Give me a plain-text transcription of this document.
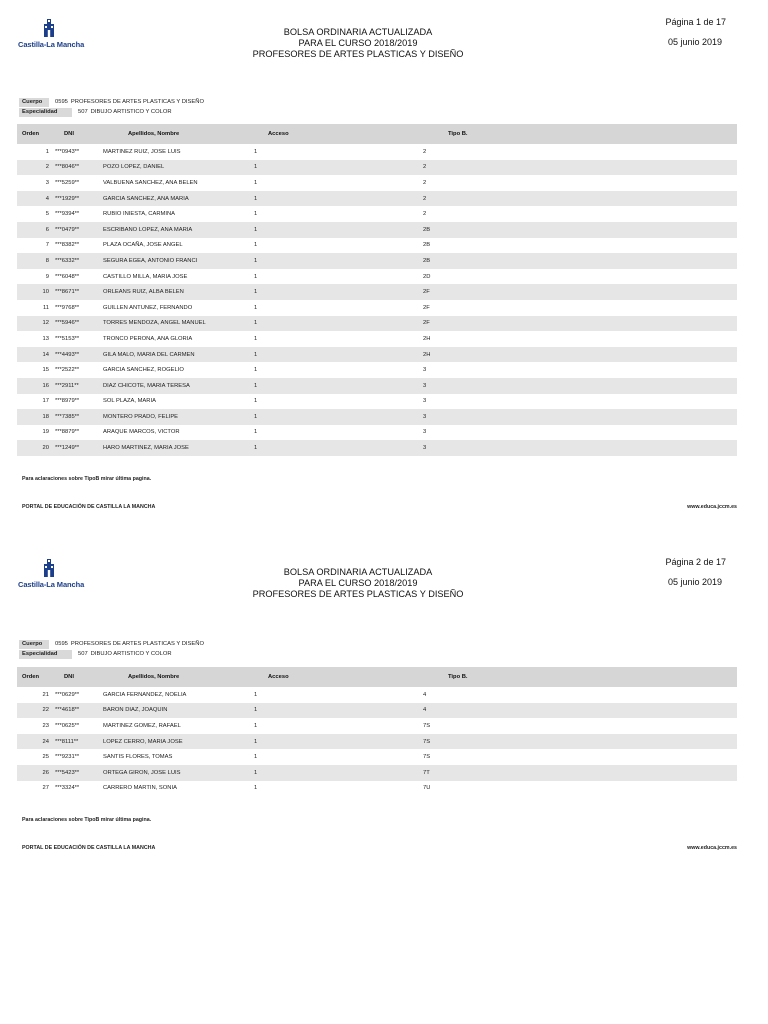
Castilla-La Mancha
BOLSA ORDINARIA ACTUALIZADA
PARA EL CURSO 2018/2019
PROFESORES DE ARTES PLASTICAS Y DISEÑO
Página 1 de 17
05 junio 2019
Cuerpo	0595 PROFESORES DE ARTES PLASTICAS Y DISEÑO
Especialidad	507 DIBUJO ARTISTICO Y COLOR
Orden	DNI	Apellidos, Nombre	Acceso	Tipo B.
1	***0943**	MARTINEZ RUIZ, JOSE LUIS	1	2
2	***8046**	POZO LOPEZ, DANIEL	1	2
3	***5259**	VALBUENA SANCHEZ, ANA BELEN	1	2
4	***1929**	GARCIA SANCHEZ, ANA MARIA	1	2
5	***9394**	RUBIO INIESTA, CARMINA	1	2
6	***0479**	ESCRIBANO LOPEZ, ANA MARIA	1	2B
7	***8382**	PLAZA OCAÑA, JOSE ANGEL	1	2B
8	***6332**	SEGURA EGEA, ANTONIO FRANCI	1	2B
9	***6048**	CASTILLO MILLA, MARIA JOSE	1	2D
10	***8671**	ORLEANS RUIZ, ALBA BELEN	1	2F
11	***9768**	GUILLEN ANTUNEZ, FERNANDO	1	2F
12	***5946**	TORRES MENDOZA, ANGEL MANUEL	1	2F
13	***5153**	TRONCO PERONA, ANA GLORIA	1	2H
14	***4493**	GILA MALO, MARIA DEL CARMEN	1	2H
15	***2522**	GARCIA SANCHEZ, ROGELIO	1	3
16	***2911**	DIAZ CHICOTE, MARIA TERESA	1	3
17	***8979**	SOL PLAZA, MARIA	1	3
18	***7385**	MONTERO PRADO, FELIPE	1	3
19	***8879**	ARAQUE MARCOS, VICTOR	1	3
20	***1249**	HARO MARTINEZ, MARIA JOSE	1	3
Para aclaraciones sobre TipoB mirar última pagina.
PORTAL DE EDUCACIÓN DE CASTILLA LA MANCHA	www.educa.jccm.es
Castilla-La Mancha
BOLSA ORDINARIA ACTUALIZADA
PARA EL CURSO 2018/2019
PROFESORES DE ARTES PLASTICAS Y DISEÑO
Página 2 de 17
05 junio 2019
Cuerpo	0595 PROFESORES DE ARTES PLASTICAS Y DISEÑO
Especialidad	507 DIBUJO ARTISTICO Y COLOR
Orden	DNI	Apellidos, Nombre	Acceso	Tipo B.
21	***0629**	GARCIA FERNANDEZ, NOELIA	1	4
22	***4618**	BARON DIAZ, JOAQUIN	1	4
23	***0625**	MARTINEZ GOMEZ, RAFAEL	1	7S
24	***8111**	LOPEZ CERRO, MARIA JOSE	1	7S
25	***9231**	SANTIS FLORES, TOMAS	1	7S
26	***5423**	ORTEGA GIRON, JOSE LUIS	1	7T
27	***3324**	CARRERO MARTIN, SONIA	1	7U
Para aclaraciones sobre TipoB mirar última pagina.
PORTAL DE EDUCACIÓN DE CASTILLA LA MANCHA	www.educa.jccm.es
